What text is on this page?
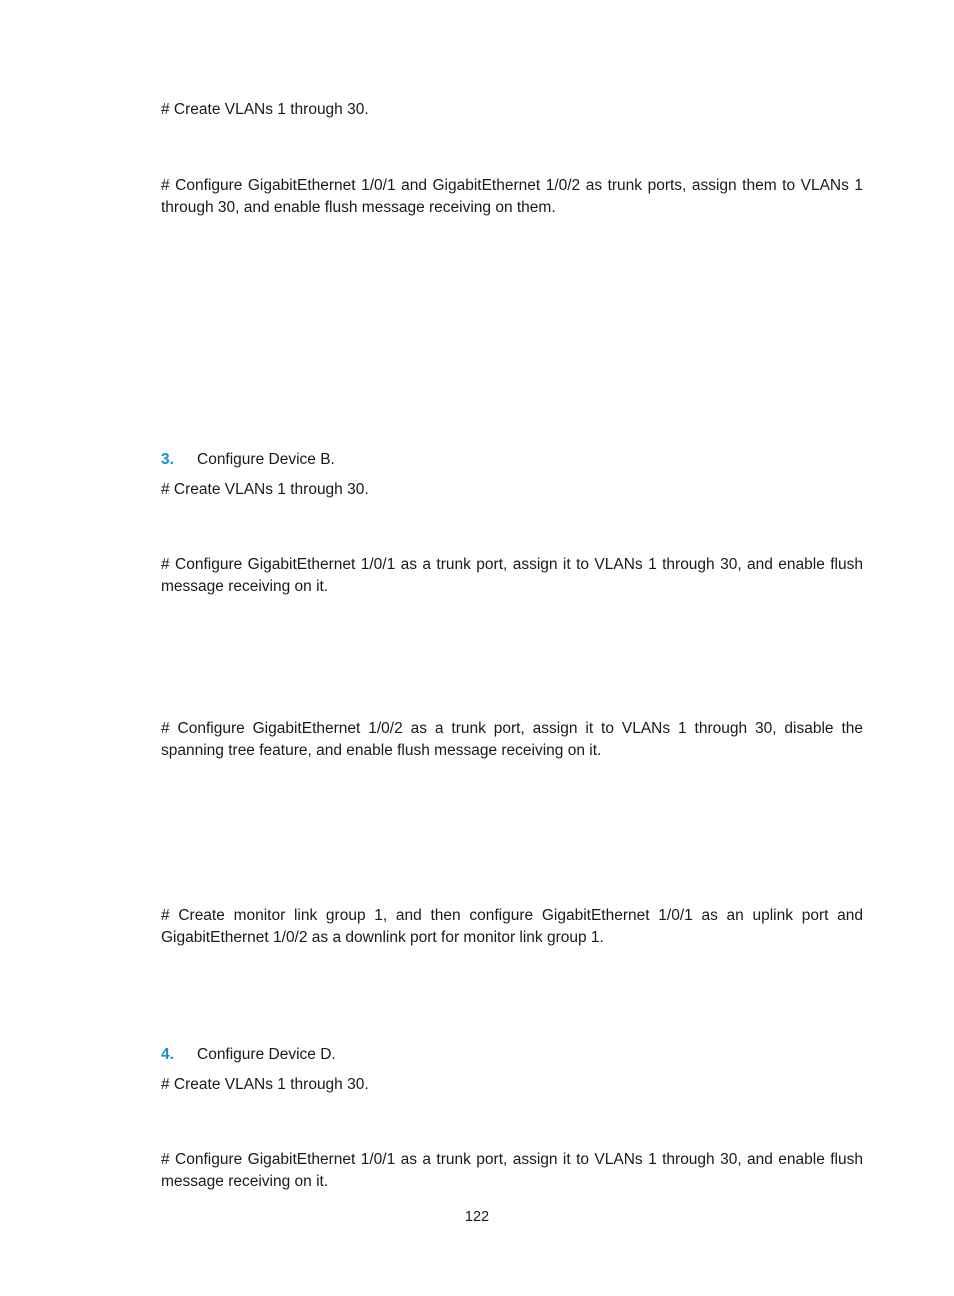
# Create VLANs 1 through 30.

# Configure GigabitEthernet 1/0/1 and GigabitEthernet 1/0/2 as trunk ports, assign them to VLANs 1 through 30, and enable flush message receiving on them.

3. Configure Device B.

# Create VLANs 1 through 30.

# Configure GigabitEthernet 1/0/1 as a trunk port, assign it to VLANs 1 through 30, and enable flush message receiving on it.

# Configure GigabitEthernet 1/0/2 as a trunk port, assign it to VLANs 1 through 30, disable the spanning tree feature, and enable flush message receiving on it.

# Create monitor link group 1, and then configure GigabitEthernet 1/0/1 as an uplink port and GigabitEthernet 1/0/2 as a downlink port for monitor link group 1.

4. Configure Device D.

# Create VLANs 1 through 30.

# Configure GigabitEthernet 1/0/1 as a trunk port, assign it to VLANs 1 through 30, and enable flush message receiving on it.

122
